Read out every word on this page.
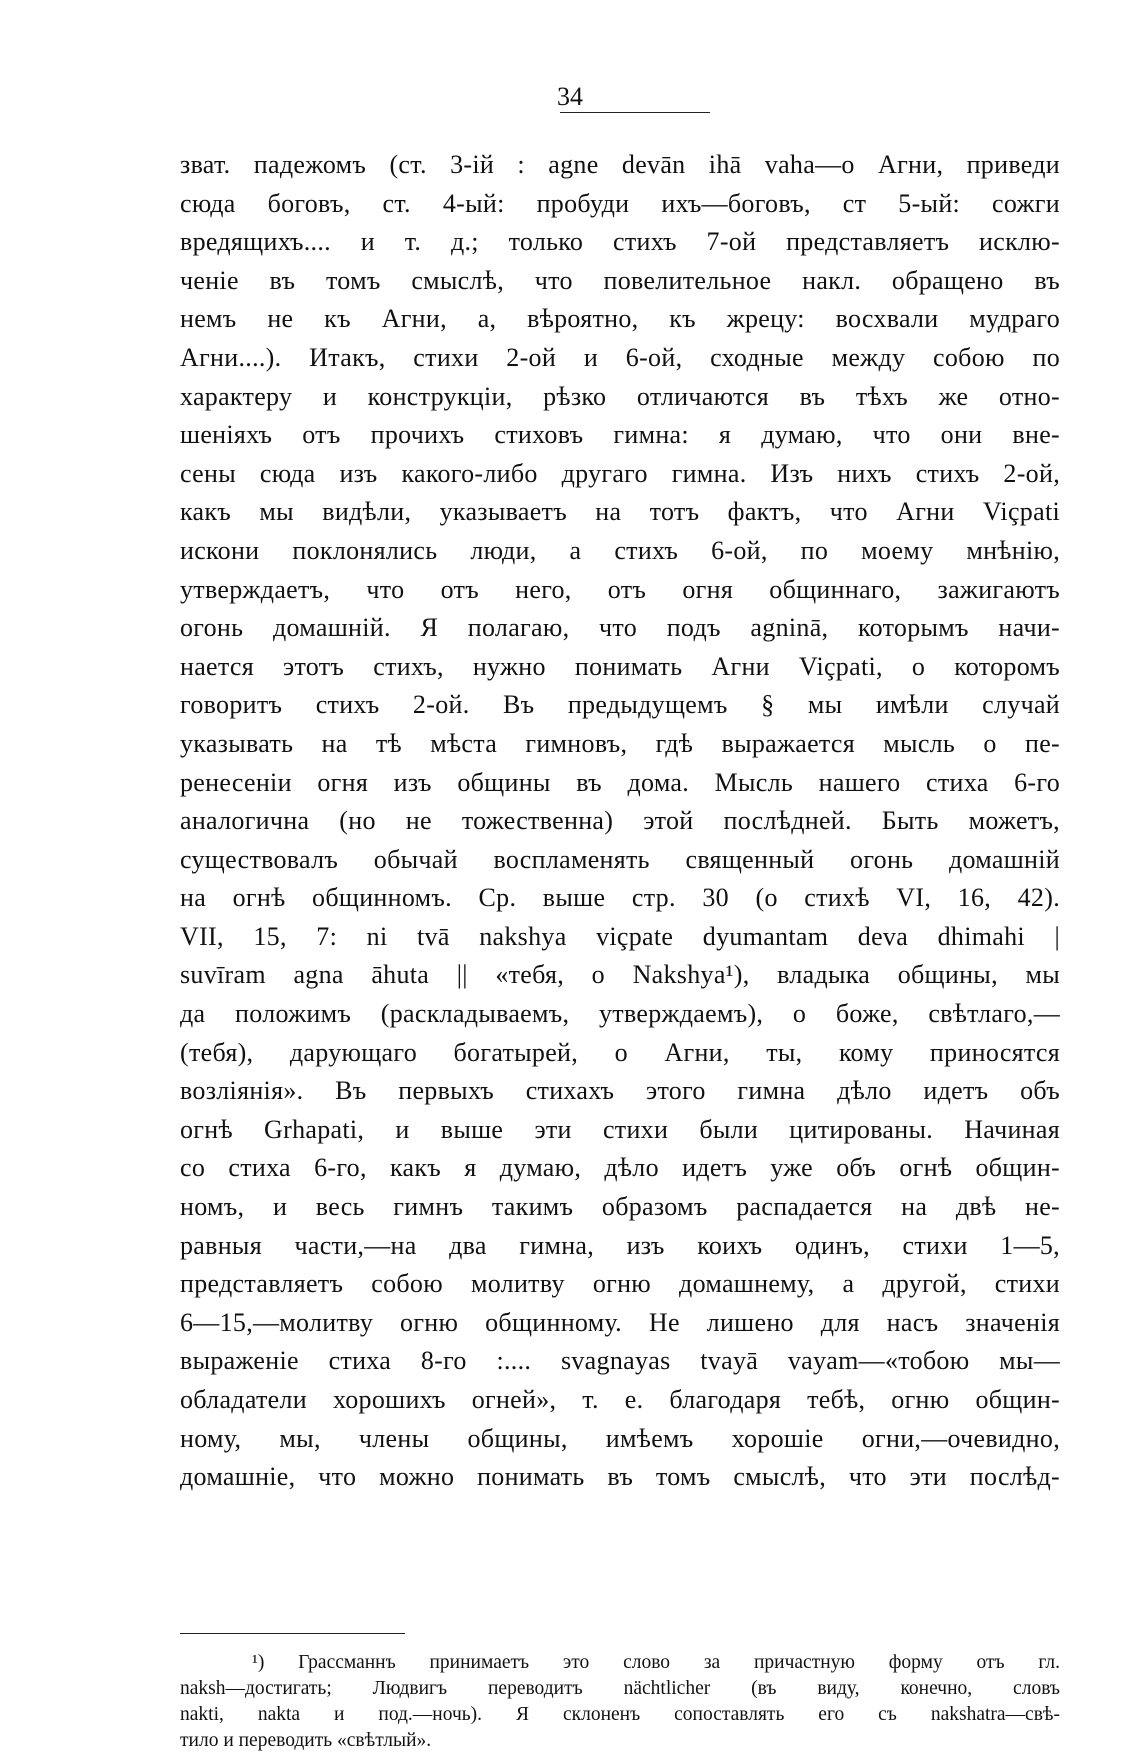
34
зват. падежомъ (ст. 3-ій : agne devān ihā vaha—о Агни, приведи
сюда боговъ, ст. 4-ый: пробуди ихъ—боговъ, ст 5-ый: сожги
вредящихъ.... и т. д.; только стихъ 7-ой представляетъ исклю-
ченіе въ томъ смыслѣ, что повелительное накл. обращено въ
немъ не къ Агни, а, вѣроятно, къ жрецу: восхвали мудраго
Агни....). Итакъ, стихи 2-ой и 6-ой, сходные между собою по
характеру и конструкціи, рѣзко отличаются въ тѣхъ же отно-
шеніяхъ отъ прочихъ стиховъ гимна: я думаю, что они внe-
сены сюда изъ какого-либо другаго гимна. Изъ нихъ стихъ 2-ой,
какъ мы видѣли, указываетъ на тотъ фактъ, что Агни Viçpati
искони поклонялись люди, а стихъ 6-ой, по моему мнѣнію,
утверждаетъ, что отъ него, отъ огня общиннаго, зажигаютъ
огонь домашній. Я полагаю, что подъ agninā, которымъ начи-
нается этотъ стихъ, нужно понимать Агни Viçpati, о которомъ
говоритъ стихъ 2-ой. Въ предыдущемъ § мы имѣли случай
указывать на тѣ мѣста гимновъ, гдѣ выражается мысль о пе-
ренесеніи огня изъ общины въ дома. Мысль нашего стиха 6-го
аналогична (но не тожественна) этой послѣдней. Быть можетъ,
существовалъ обычай воспламенять священный огонь домашній
на огнѣ общинномъ. Ср. выше стр. 30 (о стихѣ VI, 16, 42).
VII, 15, 7: ni tvā nakshya viçpate dyumantam deva dhimahi |
suvīram agna āhuta || «тебя, о Nakshya¹), владыка общины, мы
да положимъ (раскладываемъ, утверждаемъ), о боже, свѣтлаго,—
(тебя), дарующаго богатырей, о Агни, ты, кому приносятся
возліянія». Въ первыхъ стихахъ этого гимна дѣло идетъ объ
огнѣ Grhapati, и выше эти стихи были цитированы. Начиная
со стиха 6-го, какъ я думаю, дѣло идетъ уже объ огнѣ общин-
номъ, и весь гимнъ такимъ образомъ распадается на двѣ не-
равныя части,—на два гимна, изъ коихъ одинъ, стихи 1—5,
представляетъ собою молитву огню домашнему, а другой, стихи
6—15,—молитву огню общинному. Не лишено для насъ значенія
выраженіе стиха 8-го :.... svagnayas tvayā vayam—«тобою мы—
обладатели хорошихъ огней», т. е. благодаря тебѣ, огню общин-
ному, мы, члены общины, имѣемъ хорошіе огни,—очевидно,
домашніе, что можно понимать въ томъ смыслѣ, что эти послѣд-
¹) Грассманнъ принимаетъ это слово за причастную форму отъ гл.
naksh—достигать; Людвигъ переводитъ nächtlicher (въ виду, конечно, словъ
nakti, nakta и под.—ночь). Я склоненъ сопоставлять его съ nakshatra—свѣ-
тило и переводить «свѣтлый».
